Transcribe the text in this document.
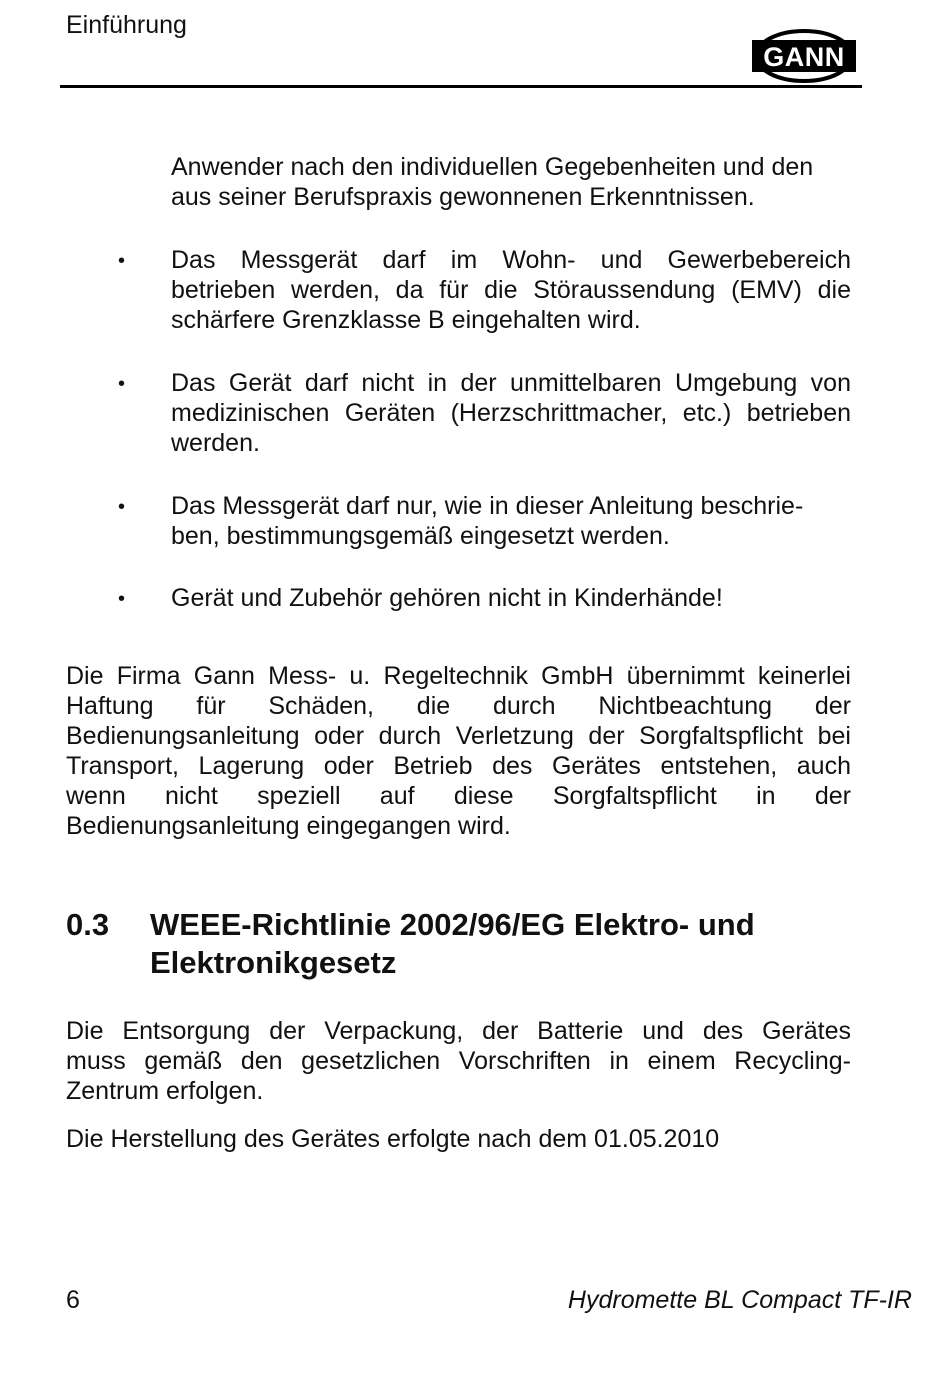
Einführung
GANN
Anwender nach den individuellen Gegebenheiten und den
aus seiner Berufspraxis gewonnenen Erkenntnissen.
• Das Messgerät darf im Wohn- und Gewerbebereich
betrieben werden, da für die Störaussendung (EMV) die
schärfere Grenzklasse B eingehalten wird.
• Das Gerät darf nicht in der unmittelbaren Umgebung von
medizinischen Geräten (Herzschrittmacher, etc.) betrieben
werden.
• Das Messgerät darf nur, wie in dieser Anleitung beschrie-
ben, bestimmungsgemäß eingesetzt werden.
• Gerät und Zubehör gehören nicht in Kinderhände!
Die Firma Gann Mess- u. Regeltechnik GmbH übernimmt keinerlei
Haftung für Schäden, die durch Nichtbeachtung der
Bedienungsanleitung oder durch Verletzung der Sorgfaltspflicht bei
Transport, Lagerung oder Betrieb des Gerätes entstehen, auch
wenn nicht speziell auf diese Sorgfaltspflicht in der
Bedienungsanleitung eingegangen wird.
0.3 WEEE-Richtlinie 2002/96/EG Elektro- und
Elektronikgesetz
Die Entsorgung der Verpackung, der Batterie und des Gerätes
muss gemäß den gesetzlichen Vorschriften in einem Recycling-
Zentrum erfolgen.
Die Herstellung des Gerätes erfolgte nach dem 01.05.2010
6	Hydromette BL Compact TF-IR
